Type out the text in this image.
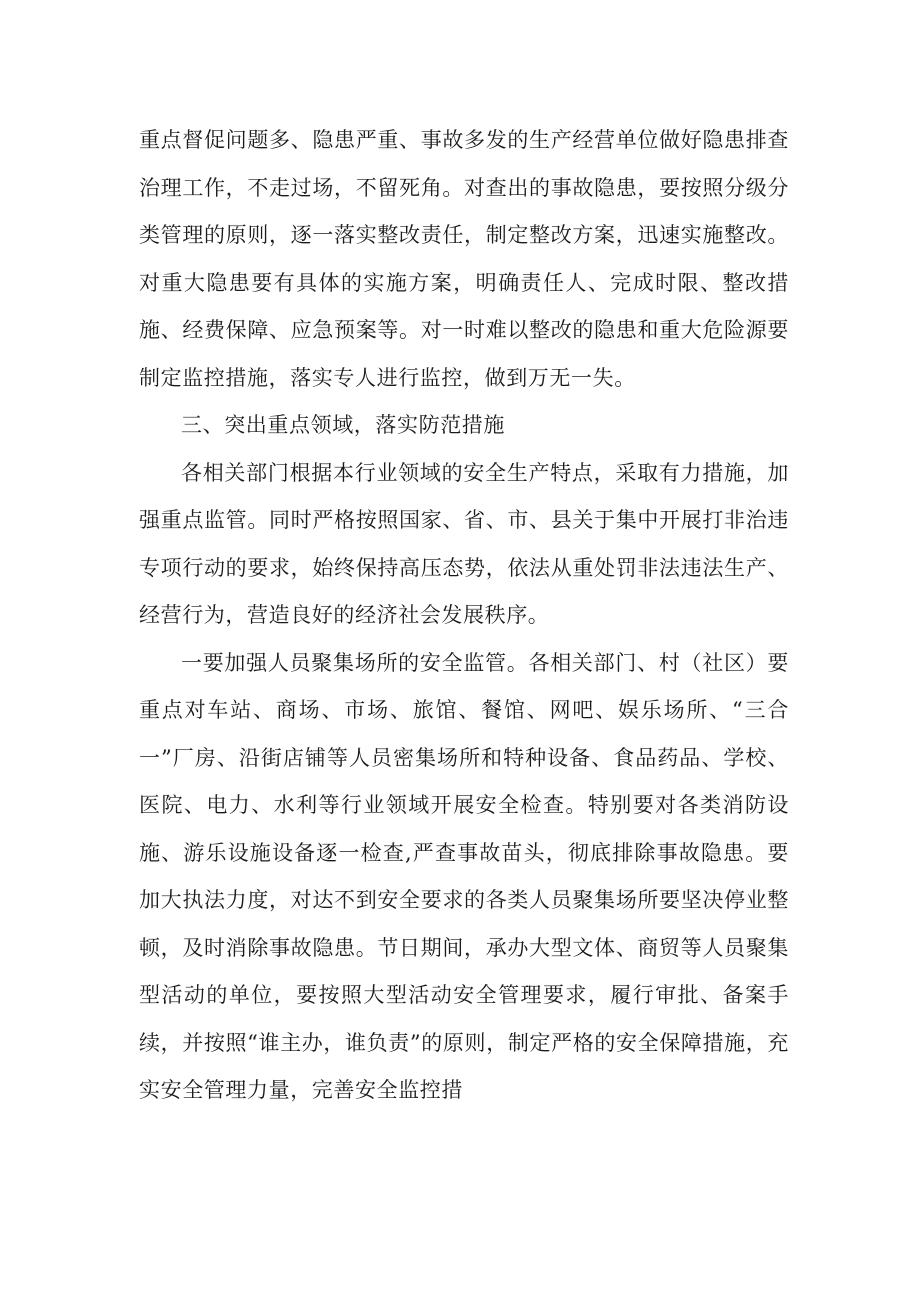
重点督促问题多、隐患严重、事故多发的生产经营单位做好隐患排查治理工作，不走过场，不留死角。对查出的事故隐患，要按照分级分类管理的原则，逐一落实整改责任，制定整改方案，迅速实施整改。对重大隐患要有具体的实施方案，明确责任人、完成时限、整改措施、经费保障、应急预案等。对一时难以整改的隐患和重大危险源要制定监控措施，落实专人进行监控，做到万无一失。

三、突出重点领域，落实防范措施

各相关部门根据本行业领域的安全生产特点，采取有力措施，加强重点监管。同时严格按照国家、省、市、县关于集中开展打非治违专项行动的要求，始终保持高压态势，依法从重处罚非法违法生产、经营行为，营造良好的经济社会发展秩序。

一要加强人员聚集场所的安全监管。各相关部门、村（社区）要重点对车站、商场、市场、旅馆、餐馆、网吧、娱乐场所、“三合一”厂房、沿街店铺等人员密集场所和特种设备、食品药品、学校、医院、电力、水利等行业领域开展安全检查。特别要对各类消防设施、游乐设施设备逐一检查,严查事故苗头，彻底排除事故隐患。要加大执法力度，对达不到安全要求的各类人员聚集场所要坚决停业整顿，及时消除事故隐患。节日期间，承办大型文体、商贸等人员聚集型活动的单位，要按照大型活动安全管理要求，履行审批、备案手续，并按照“谁主办，谁负责”的原则，制定严格的安全保障措施，充实安全管理力量，完善安全监控措
